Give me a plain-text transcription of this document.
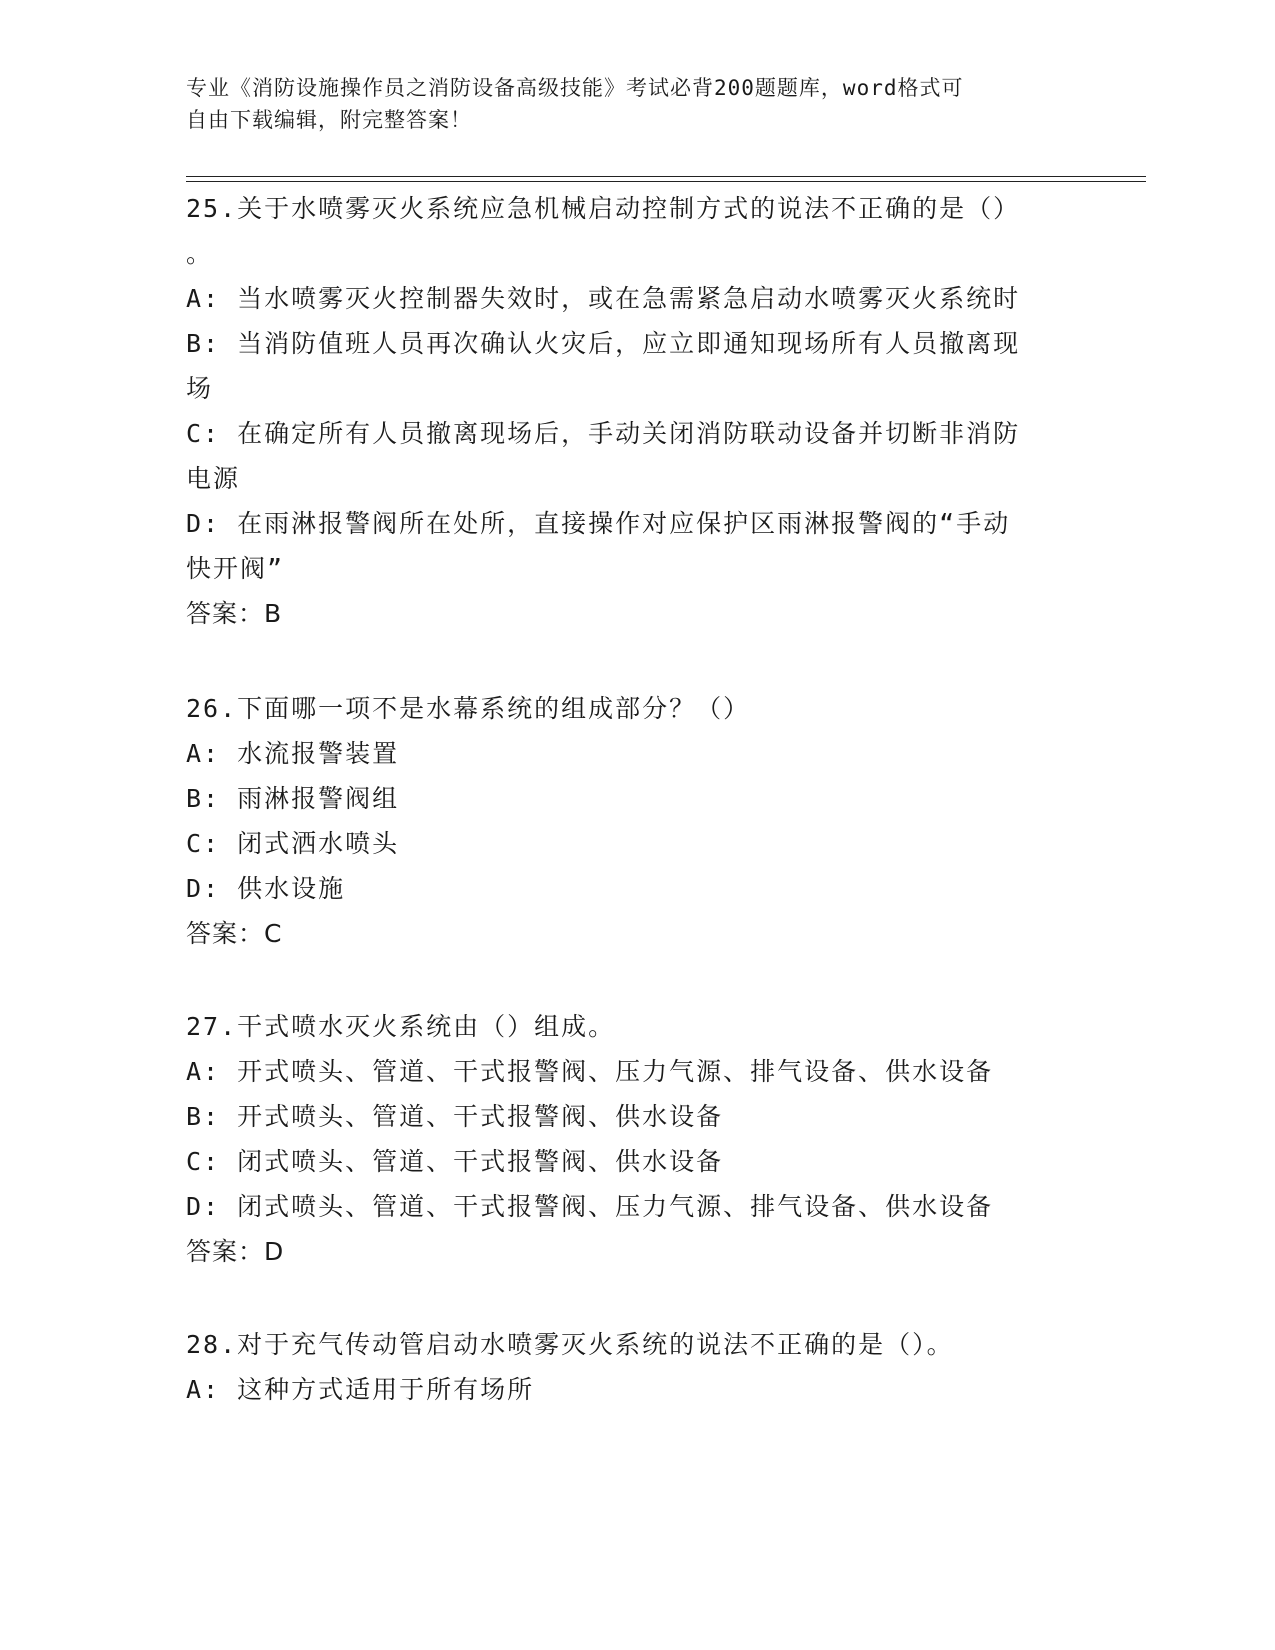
专业《消防设施操作员之消防设备高级技能》考试必背200题题库，word格式可

自由下载编辑，附完整答案！

25.关于水喷雾灭火系统应急机械启动控制方式的说法不正确的是（）

。

A: 当水喷雾灭火控制器失效时，或在急需紧急启动水喷雾灭火系统时

B: 当消防值班人员再次确认火灾后，应立即通知现场所有人员撤离现

场

C: 在确定所有人员撤离现场后，手动关闭消防联动设备并切断非消防

电源

D: 在雨淋报警阀所在处所，直接操作对应保护区雨淋报警阀的“手动

快开阀”

答案：B

26.下面哪一项不是水幕系统的组成部分？（）

A: 水流报警装置

B: 雨淋报警阀组

C: 闭式洒水喷头

D: 供水设施

答案：C

27.干式喷水灭火系统由（）组成。

A: 开式喷头、管道、干式报警阀、压力气源、排气设备、供水设备

B: 开式喷头、管道、干式报警阀、供水设备

C: 闭式喷头、管道、干式报警阀、供水设备

D: 闭式喷头、管道、干式报警阀、压力气源、排气设备、供水设备

答案：D

28.对于充气传动管启动水喷雾灭火系统的说法不正确的是（）。

A: 这种方式适用于所有场所
